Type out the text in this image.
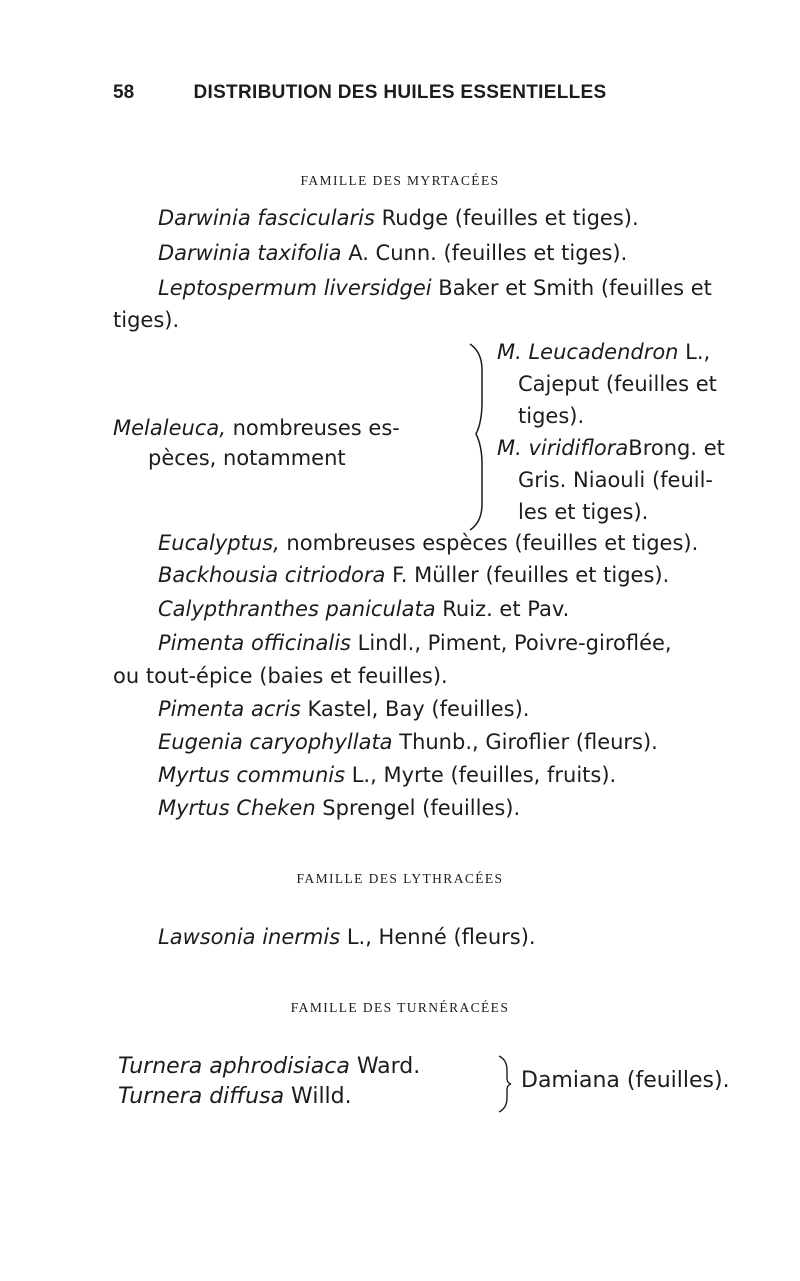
58	DISTRIBUTION DES HUILES ESSENTIELLES
FAMILLE DES MYRTACÉES
Darwinia fascicularis Rudge (feuilles et tiges).
Darwinia taxifolia A. Cunn. (feuilles et tiges).
Leptospermum liversidgei Baker et Smith (feuilles et
tiges).
Melaleuca, nombreuses es-
pèces, notamment
M. Leucadendron L.,
Cajeput (feuilles et
tiges).
M. viridifloraBrong. et
Gris. Niaouli (feuil-
les et tiges).
Eucalyptus, nombreuses espèces (feuilles et tiges).
Backhousia citriodora F. Müller (feuilles et tiges).
Calypthranthes paniculata Ruiz. et Pav.
Pimenta officinalis Lindl., Piment, Poivre-giroflée,
ou tout-épice (baies et feuilles).
Pimenta acris Kastel, Bay (feuilles).
Eugenia caryophyllata Thunb., Giroflier (fleurs).
Myrtus communis L., Myrte (feuilles, fruits).
Myrtus Cheken Sprengel (feuilles).
FAMILLE DES LYTHRACÉES
Lawsonia inermis L., Henné (fleurs).
FAMILLE DES TURNÉRACÉES
Turnera aphrodisiaca Ward.
Turnera diffusa Willd.
Damiana (feuilles).
